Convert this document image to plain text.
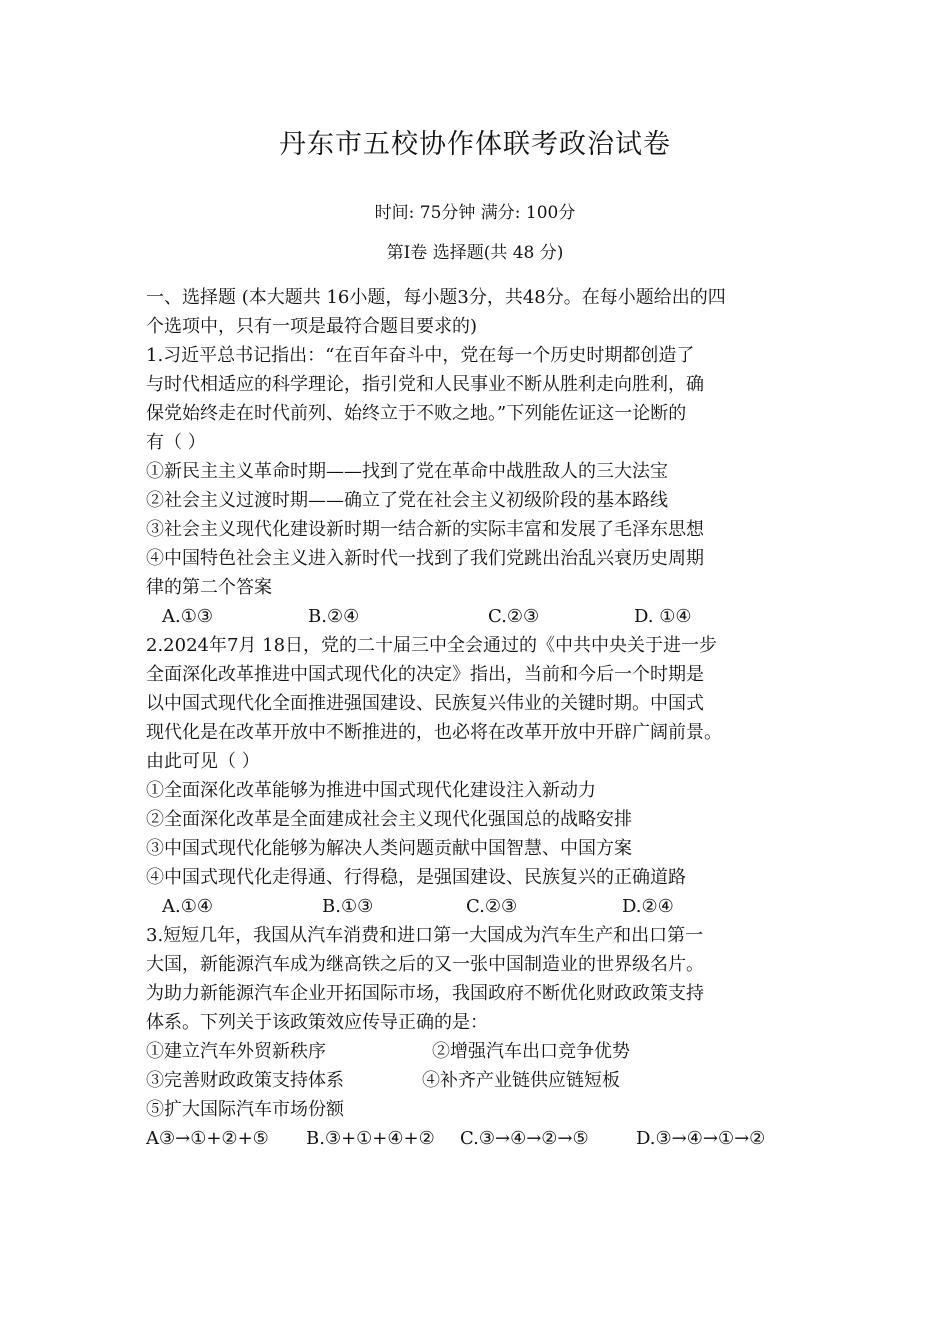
丹东市五校协作体联考政治试卷
时间: 75分钟 满分: 100分
第Ⅰ卷 选择题(共 48 分)
一、选择题 (本大题共 16小题，每小题3分，共48分。在每小题给出的四
个选项中，只有一项是最符合题目要求的)
1.习近平总书记指出：“在百年奋斗中，党在每一个历史时期都创造了
与时代相适应的科学理论，指引党和人民事业不断从胜利走向胜利，确
保党始终走在时代前列、始终立于不败之地。”下列能佐证这一论断的
有（ ）
①新民主主义革命时期——找到了党在革命中战胜敌人的三大法宝
②社会主义过渡时期——确立了党在社会主义初级阶段的基本路线
③社会主义现代化建设新时期一结合新的实际丰富和发展了毛泽东思想
④中国特色社会主义进入新时代一找到了我们党跳出治乱兴衰历史周期
律的第二个答案
A.①③	B.②④	C.②③	D. ①④
2.2024年7月 18日，党的二十届三中全会通过的《中共中央关于进一步
全面深化改革推进中国式现代化的决定》指出，当前和今后一个时期是
以中国式现代化全面推进强国建设、民族复兴伟业的关键时期。中国式
现代化是在改革开放中不断推进的，也必将在改革开放中开辟广阔前景。
由此可见（ ）
①全面深化改革能够为推进中国式现代化建设注入新动力
②全面深化改革是全面建成社会主义现代化强国总的战略安排
③中国式现代化能够为解决人类问题贡献中国智慧、中国方案
④中国式现代化走得通、行得稳，是强国建设、民族复兴的正确道路
A.①④	B.①③	C.②③	D.②④
3.短短几年，我国从汽车消费和进口第一大国成为汽车生产和出口第一
大国，新能源汽车成为继高铁之后的又一张中国制造业的世界级名片。
为助力新能源汽车企业开拓国际市场，我国政府不断优化财政政策支持
体系。下列关于该政策效应传导正确的是：
①建立汽车外贸新秩序	②增强汽车出口竞争优势
③完善财政政策支持体系	④补齐产业链供应链短板
⑤扩大国际汽车市场份额
A③→①+②+⑤ B.③+①+④+② C.③→④→②→⑤	D.③→④→①→②
